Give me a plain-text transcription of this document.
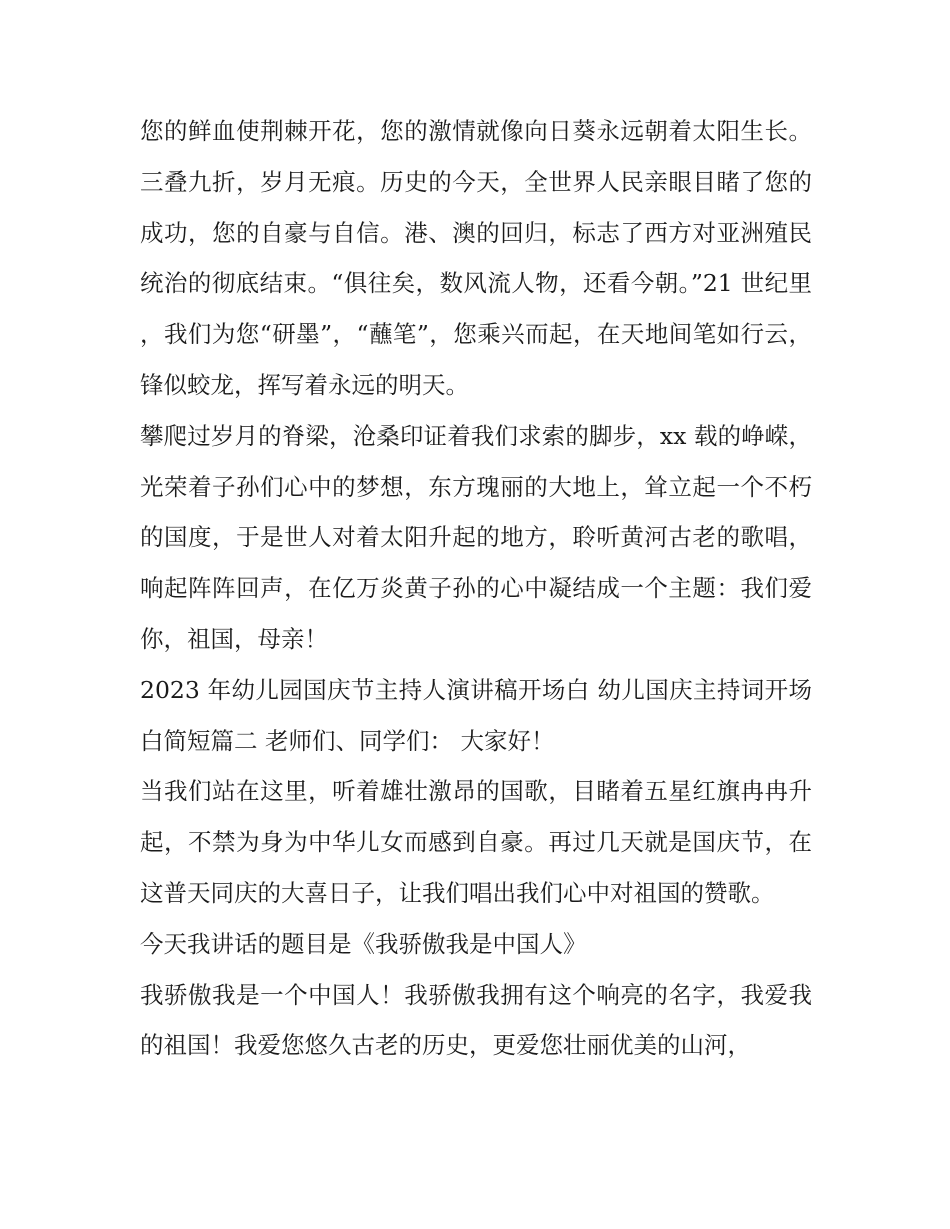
您的鲜血使荆棘开花，您的激情就像向日葵永远朝着太阳生长。三叠九折，岁月无痕。历史的今天，全世界人民亲眼目睹了您的成功，您的自豪与自信。港、澳的回归，标志了西方对亚洲殖民统治的彻底结束。“俱往矣，数风流人物，还看今朝。”21 世纪里，我们为您“研墨”，“蘸笔”，您乘兴而起，在天地间笔如行云，锋似蛟龙，挥写着永远的明天。

攀爬过岁月的脊梁，沧桑印证着我们求索的脚步，xx 载的峥嵘，光荣着子孙们心中的梦想，东方瑰丽的大地上，耸立起一个不朽的国度，于是世人对着太阳升起的地方，聆听黄河古老的歌唱，响起阵阵回声，在亿万炎黄子孙的心中凝结成一个主题：我们爱你，祖国，母亲！

2023 年幼儿园国庆节主持人演讲稿开场白 幼儿国庆主持词开场白简短篇二 老师们、同学们： 大家好！

当我们站在这里，听着雄壮激昂的国歌，目睹着五星红旗冉冉升起，不禁为身为中华儿女而感到自豪。再过几天就是国庆节，在这普天同庆的大喜日子，让我们唱出我们心中对祖国的赞歌。

今天我讲话的题目是《我骄傲我是中国人》

我骄傲我是一个中国人！我骄傲我拥有这个响亮的名字，我爱我的祖国！我爱您悠久古老的历史，更爱您壮丽优美的山河，
